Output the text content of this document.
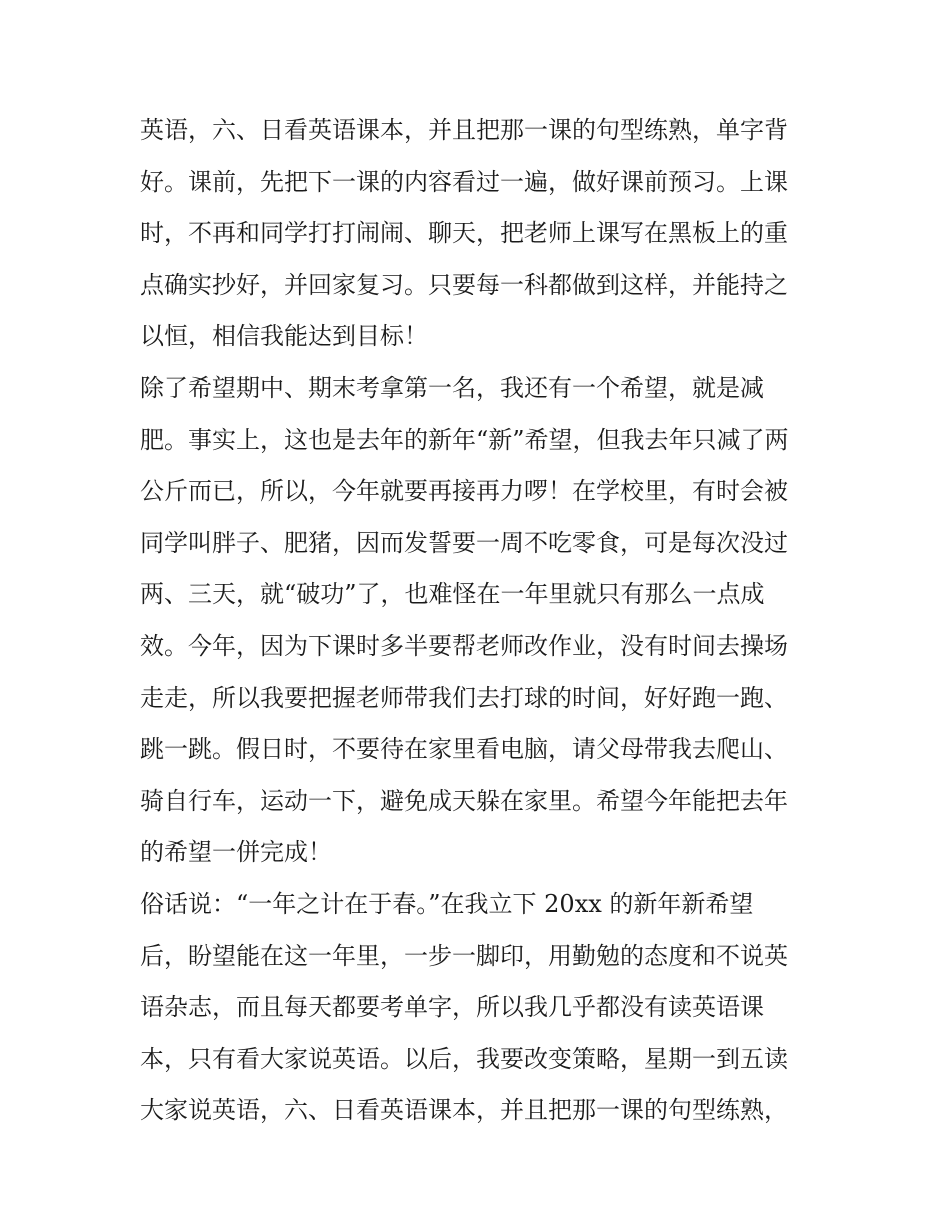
英语，六、日看英语课本，并且把那一课的句型练熟，单字背
好。课前，先把下一课的内容看过一遍，做好课前预习。上课
时，不再和同学打打闹闹、聊天，把老师上课写在黑板上的重
点确实抄好，并回家复习。只要每一科都做到这样，并能持之
以恒，相信我能达到目标！
除了希望期中、期末考拿第一名，我还有一个希望，就是减
肥。事实上，这也是去年的新年“新”希望，但我去年只减了两
公斤而已，所以，今年就要再接再力啰！在学校里，有时会被
同学叫胖子、肥猪，因而发誓要一周不吃零食，可是每次没过
两、三天，就“破功”了，也难怪在一年里就只有那么一点成
效。今年，因为下课时多半要帮老师改作业，没有时间去操场
走走，所以我要把握老师带我们去打球的时间，好好跑一跑、
跳一跳。假日时，不要待在家里看电脑，请父母带我去爬山、
骑自行车，运动一下，避免成天躲在家里。希望今年能把去年
的希望一併完成！
俗话说：“一年之计在于春。”在我立下 20xx 的新年新希望
后，盼望能在这一年里，一步一脚印，用勤勉的态度和不说英
语杂志，而且每天都要考单字，所以我几乎都没有读英语课
本，只有看大家说英语。以后，我要改变策略，星期一到五读
大家说英语，六、日看英语课本，并且把那一课的句型练熟，
